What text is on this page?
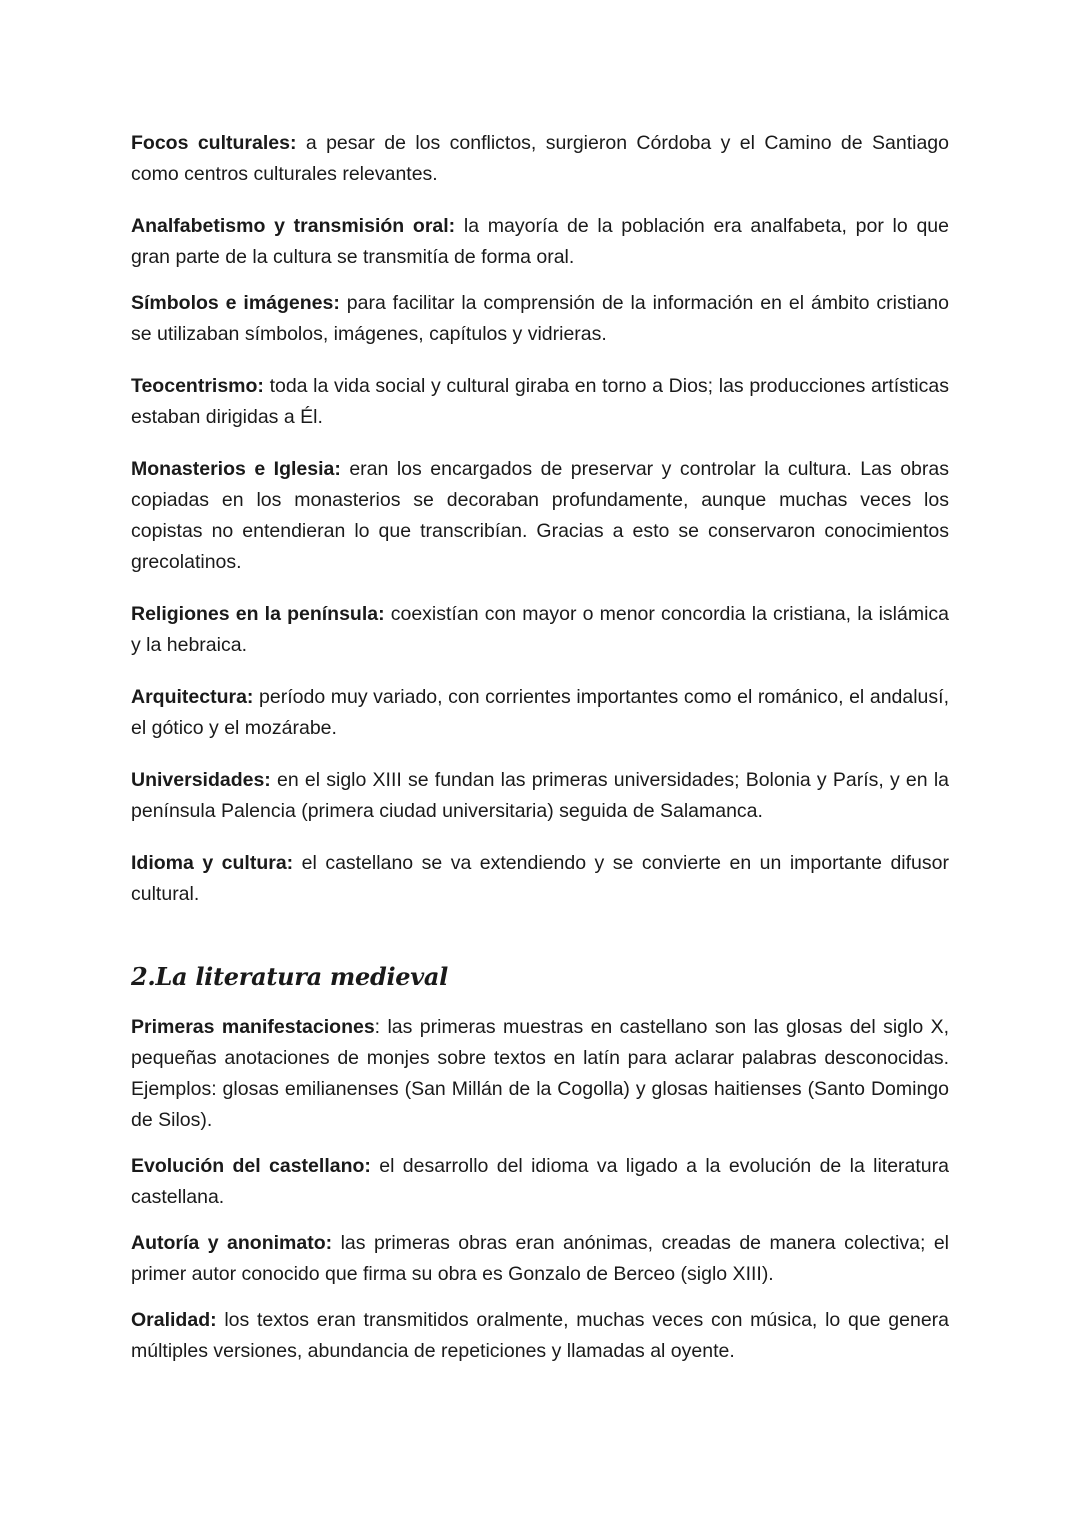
Focos culturales: a pesar de los conflictos, surgieron Córdoba y el Camino de Santiago como centros culturales relevantes.

Analfabetismo y transmisión oral: la mayoría de la población era analfabeta, por lo que gran parte de la cultura se transmitía de forma oral.

Símbolos e imágenes: para facilitar la comprensión de la información en el ámbito cristiano se utilizaban símbolos, imágenes, capítulos y vidrieras.

Teocentrismo: toda la vida social y cultural giraba en torno a Dios; las producciones artísticas estaban dirigidas a Él.

Monasterios e Iglesia: eran los encargados de preservar y controlar la cultura. Las obras copiadas en los monasterios se decoraban profundamente, aunque muchas veces los copistas no entendieran lo que transcribían. Gracias a esto se conservaron conocimientos grecolatinos.

Religiones en la península: coexistían con mayor o menor concordia la cristiana, la islámica y la hebraica.

Arquitectura: período muy variado, con corrientes importantes como el románico, el andalusí, el gótico y el mozárabe.

Universidades: en el siglo XIII se fundan las primeras universidades; Bolonia y París, y en la península Palencia (primera ciudad universitaria) seguida de Salamanca.

Idioma y cultura: el castellano se va extendiendo y se convierte en un importante difusor cultural.

2.La literatura medieval

Primeras manifestaciones: las primeras muestras en castellano son las glosas del siglo X, pequeñas anotaciones de monjes sobre textos en latín para aclarar palabras desconocidas. Ejemplos: glosas emilianenses (San Millán de la Cogolla) y glosas haitienses (Santo Domingo de Silos).

Evolución del castellano: el desarrollo del idioma va ligado a la evolución de la literatura castellana.

Autoría y anonimato: las primeras obras eran anónimas, creadas de manera colectiva; el primer autor conocido que firma su obra es Gonzalo de Berceo (siglo XIII).

Oralidad: los textos eran transmitidos oralmente, muchas veces con música, lo que genera múltiples versiones, abundancia de repeticiones y llamadas al oyente.
